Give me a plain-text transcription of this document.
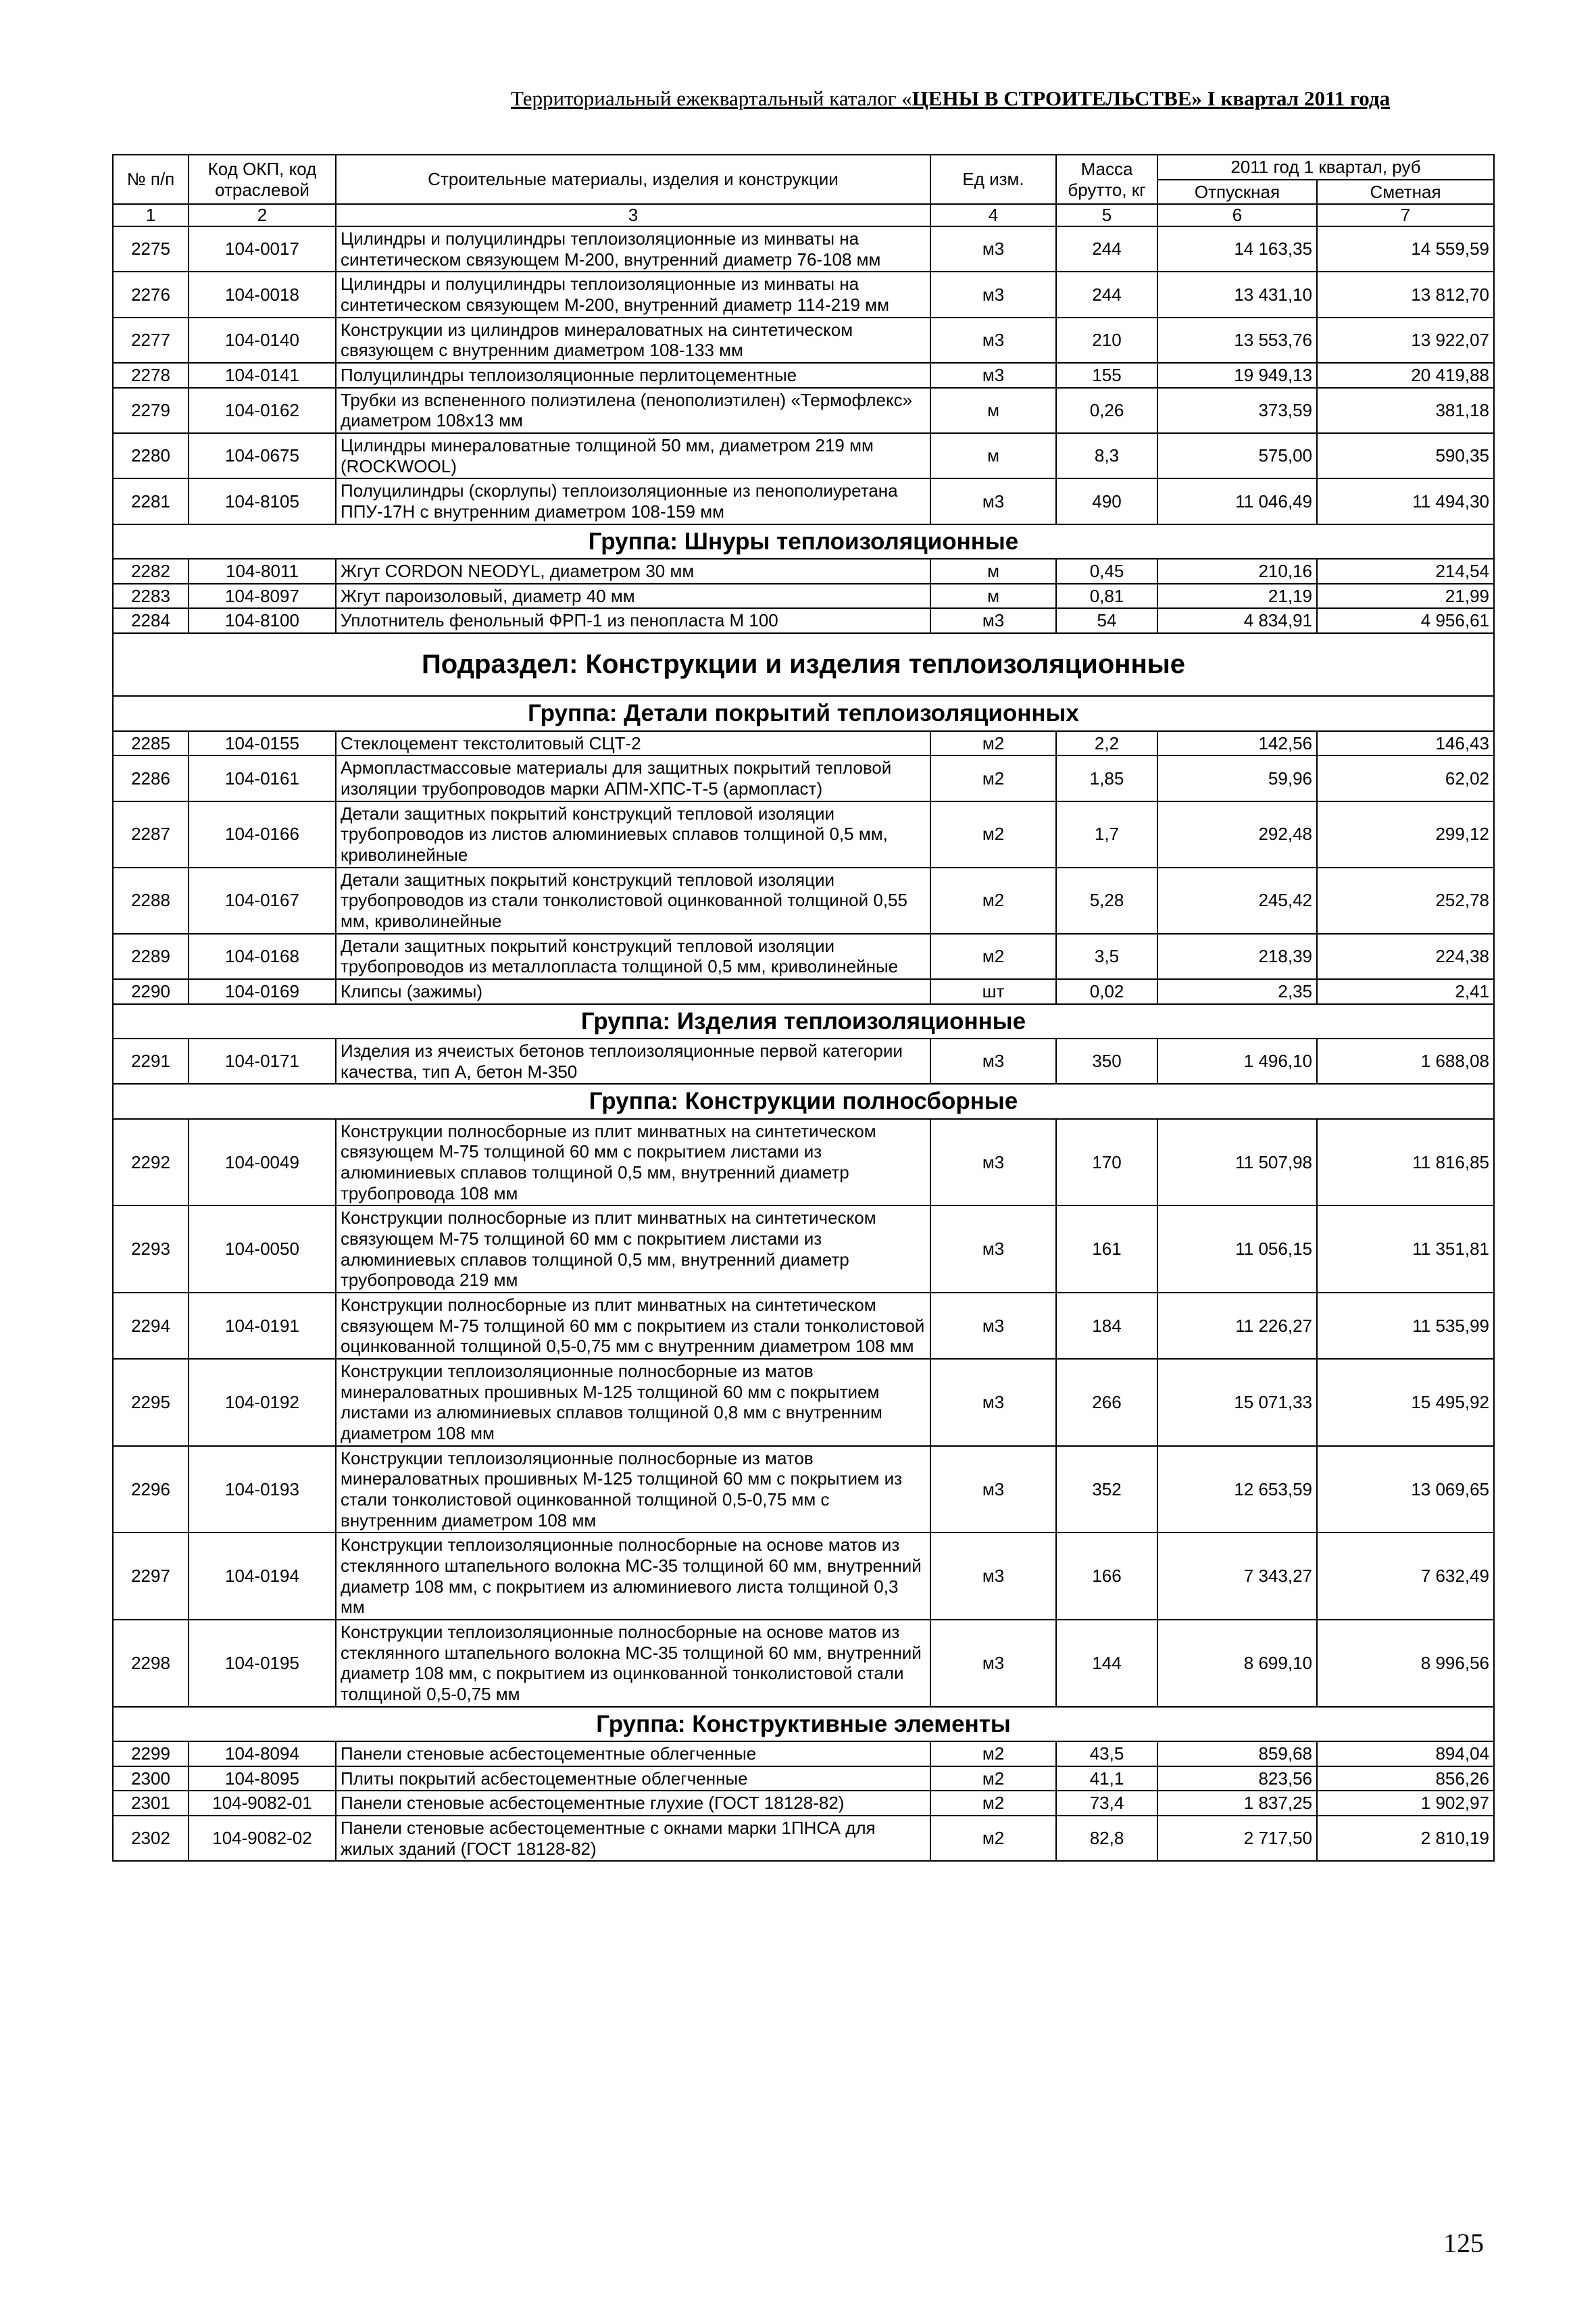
Территориальный ежеквартальный каталог «ЦЕНЫ В СТРОИТЕЛЬСТВЕ» I квартал 2011 года
№ п/п	Код ОКП, код отраслевой	Строительные материалы, изделия и конструкции	Ед изм.	Масса брутто, кг	2011 год 1 квартал, руб	
					Отпускная	Сметная
1	2	3	4	5	6	7
2275	104-0017	Цилиндры и полуцилиндры теплоизоляционные из минваты на синтетическом связующем М-200, внутренний диаметр 76-108 мм	м3	244	14 163,35	14 559,59
2276	104-0018	Цилиндры и полуцилиндры теплоизоляционные из минваты на синтетическом связующем М-200, внутренний диаметр 114-219 мм	м3	244	13 431,10	13 812,70
2277	104-0140	Конструкции из цилиндров минераловатных на синтетическом связующем с внутренним диаметром 108-133 мм	м3	210	13 553,76	13 922,07
2278	104-0141	Полуцилиндры теплоизоляционные перлитоцементные	м3	155	19 949,13	20 419,88
2279	104-0162	Трубки из вспененного полиэтилена (пенополиэтилен) «Термофлекс» диаметром 108х13 мм	м	0,26	373,59	381,18
2280	104-0675	Цилиндры минераловатные толщиной 50 мм, диаметром 219 мм (ROCKWOOL)	м	8,3	575,00	590,35
2281	104-8105	Полуцилиндры (скорлупы) теплоизоляционные из пенополиуретана ППУ-17Н с внутренним диаметром 108-159 мм	м3	490	11 046,49	11 494,30
Группа: Шнуры теплоизоляционные						
2282	104-8011	Жгут CORDON NEODYL, диаметром 30 мм	м	0,45	210,16	214,54
2283	104-8097	Жгут пароизоловый, диаметр 40 мм	м	0,81	21,19	21,99
2284	104-8100	Уплотнитель фенольный ФРП-1 из пенопласта М 100	м3	54	4 834,91	4 956,61
Подраздел: Конструкции и изделия теплоизоляционные						
Группа: Детали покрытий теплоизоляционных						
2285	104-0155	Стеклоцемент текстолитовый СЦТ-2	м2	2,2	142,56	146,43
2286	104-0161	Армопластмассовые материалы для защитных покрытий тепловой изоляции трубопроводов марки АПМ-ХПС-Т-5 (армопласт)	м2	1,85	59,96	62,02
2287	104-0166	Детали защитных покрытий конструкций тепловой изоляции трубопроводов из листов алюминиевых сплавов толщиной 0,5 мм, криволинейные	м2	1,7	292,48	299,12
2288	104-0167	Детали защитных покрытий конструкций тепловой изоляции трубопроводов из стали тонколистовой оцинкованной толщиной 0,55 мм, криволинейные	м2	5,28	245,42	252,78
2289	104-0168	Детали защитных покрытий конструкций тепловой изоляции трубопроводов из металлопласта толщиной 0,5 мм, криволинейные	м2	3,5	218,39	224,38
2290	104-0169	Клипсы (зажимы)	шт	0,02	2,35	2,41
Группа: Изделия теплоизоляционные						
2291	104-0171	Изделия из ячеистых бетонов теплоизоляционные первой категории качества, тип А, бетон М-350	м3	350	1 496,10	1 688,08
Группа: Конструкции полносборные						
2292	104-0049	Конструкции полносборные из плит минватных на синтетическом связующем М-75 толщиной 60 мм с покрытием листами из алюминиевых сплавов толщиной 0,5 мм, внутренний диаметр трубопровода 108 мм	м3	170	11 507,98	11 816,85
2293	104-0050	Конструкции полносборные из плит минватных на синтетическом связующем М-75 толщиной 60 мм с покрытием листами из алюминиевых сплавов толщиной 0,5 мм, внутренний диаметр трубопровода 219 мм	м3	161	11 056,15	11 351,81
2294	104-0191	Конструкции полносборные из плит минватных на синтетическом связующем М-75 толщиной 60 мм с покрытием из стали тонколистовой оцинкованной толщиной 0,5-0,75 мм с внутренним диаметром 108 мм	м3	184	11 226,27	11 535,99
2295	104-0192	Конструкции теплоизоляционные полносборные из матов минераловатных прошивных М-125 толщиной 60 мм с покрытием листами из алюминиевых сплавов толщиной 0,8 мм с внутренним диаметром 108 мм	м3	266	15 071,33	15 495,92
2296	104-0193	Конструкции теплоизоляционные полносборные из матов минераловатных прошивных М-125 толщиной 60 мм с покрытием из стали тонколистовой оцинкованной толщиной 0,5-0,75 мм с внутренним диаметром 108 мм	м3	352	12 653,59	13 069,65
2297	104-0194	Конструкции теплоизоляционные полносборные на основе матов из стеклянного штапельного волокна МС-35 толщиной 60 мм, внутренний диаметр 108 мм, с покрытием из алюминиевого листа толщиной 0,3 мм	м3	166	7 343,27	7 632,49
2298	104-0195	Конструкции теплоизоляционные полносборные на основе матов из стеклянного штапельного волокна МС-35 толщиной 60 мм, внутренний диаметр 108 мм, с покрытием из оцинкованной тонколистовой стали толщиной 0,5-0,75 мм	м3	144	8 699,10	8 996,56
Группа: Конструктивные элементы						
2299	104-8094	Панели стеновые асбестоцементные облегченные	м2	43,5	859,68	894,04
2300	104-8095	Плиты покрытий асбестоцементные облегченные	м2	41,1	823,56	856,26
2301	104-9082-01	Панели стеновые асбестоцементные глухие (ГОСТ 18128-82)	м2	73,4	1 837,25	1 902,97
2302	104-9082-02	Панели стеновые асбестоцементные с окнами марки 1ПНСА для жилых зданий (ГОСТ 18128-82)	м2	82,8	2 717,50	2 810,19
125
